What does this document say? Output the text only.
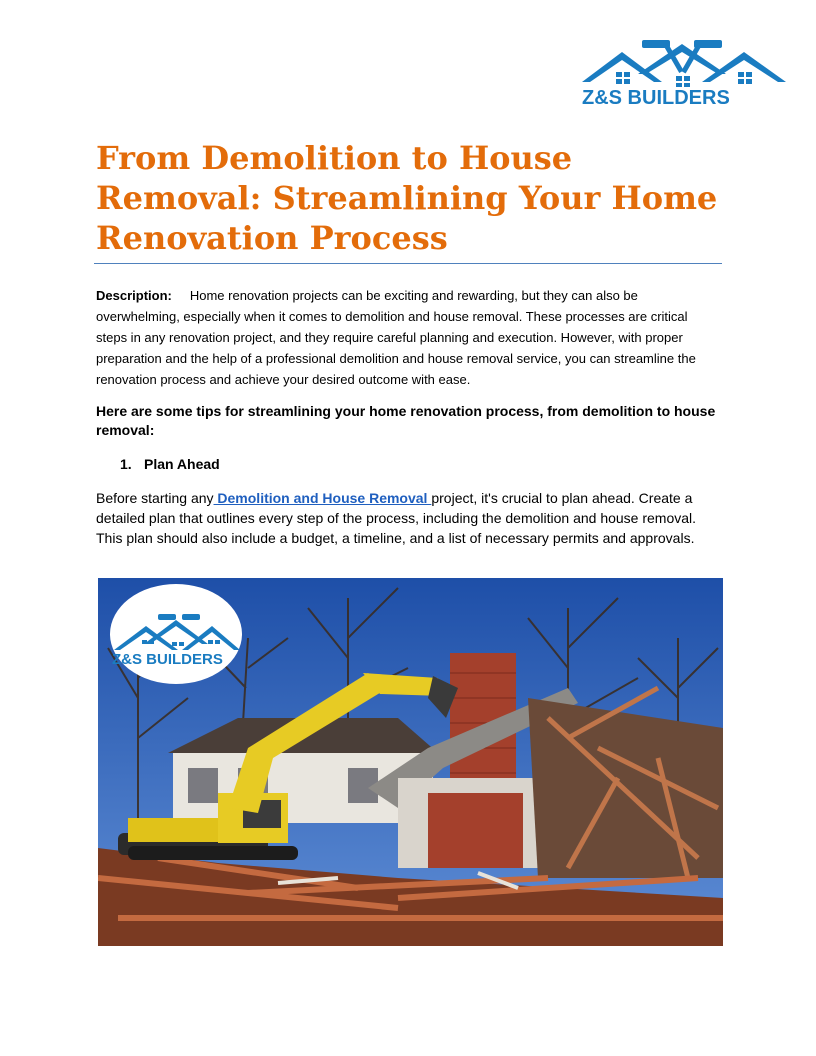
Z&S BUILDERS
From Demolition to House Removal: Streamlining Your Home Renovation Process

Description: Home renovation projects can be exciting and rewarding, but they can also be overwhelming, especially when it comes to demolition and house removal. These processes are critical steps in any renovation project, and they require careful planning and execution. However, with proper preparation and the help of a professional demolition and house removal service, you can streamline the renovation process and achieve your desired outcome with ease.

Here are some tips for streamlining your home renovation process, from demolition to house removal:

1. Plan Ahead

Before starting any Demolition and House Removal project, it's crucial to plan ahead. Create a detailed plan that outlines every step of the process, including the demolition and house removal. This plan should also include a budget, a timeline, and a list of necessary permits and approvals.

Z&S BUILDERS
